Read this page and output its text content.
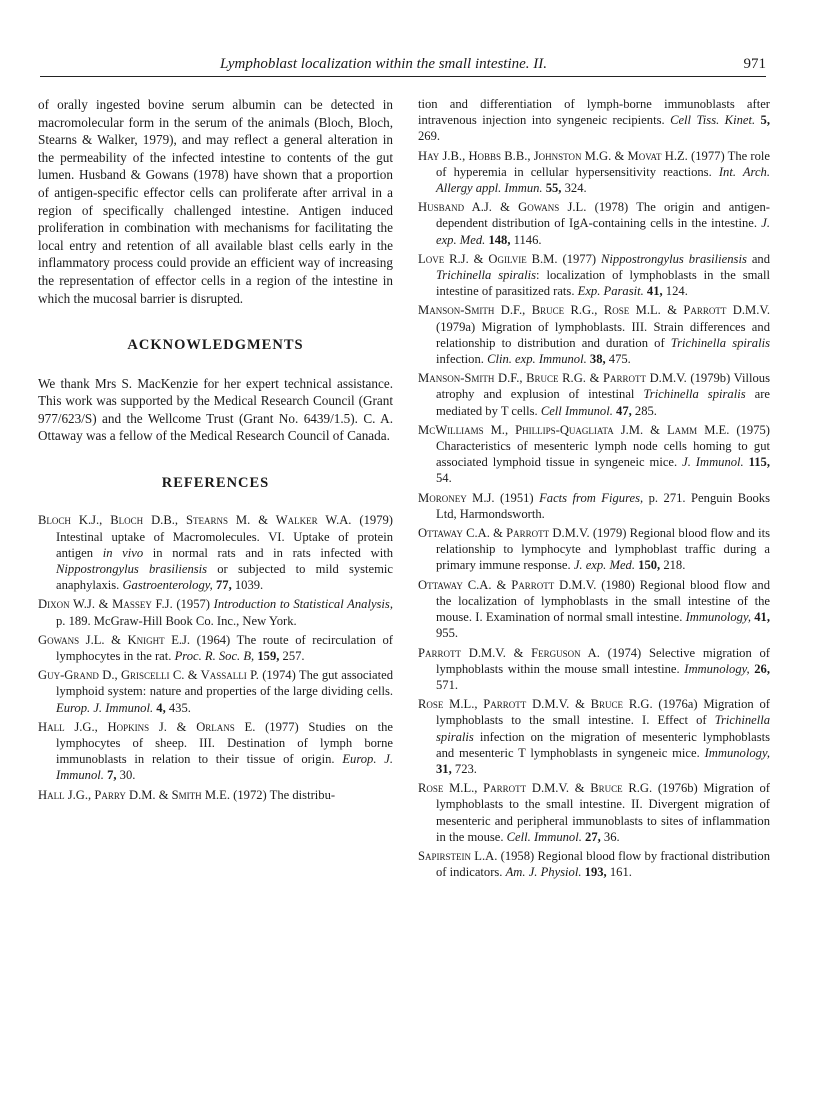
Lymphoblast localization within the small intestine. II.	971

of orally ingested bovine serum albumin can be detected in macromolecular form in the serum of the animals (Bloch, Bloch, Stearns & Walker, 1979), and may reflect a general alteration in the permeability of the infected intestine to contents of the gut lumen. Husband & Gowans (1978) have shown that a proportion of antigen-specific effector cells can proliferate after arrival in a region of specifically challenged intestine. Antigen induced proliferation in combination with mechanisms for facilitating the local entry and retention of all available blast cells early in the inflammatory process could provide an efficient way of increasing the representation of effector cells in a region of the intestine in which the mucosal barrier is disrupted.

ACKNOWLEDGMENTS

We thank Mrs S. MacKenzie for her expert technical assistance. This work was supported by the Medical Research Council (Grant 977/623/S) and the Wellcome Trust (Grant No. 6439/1.5). C. A. Ottaway was a fellow of the Medical Research Council of Canada.

REFERENCES
Bloch K.J., Bloch D.B., Stearns M. & Walker W.A. (1979) Intestinal uptake of Macromolecules. VI. Uptake of protein antigen in vivo in normal rats and in rats infected with Nippostrongylus brasiliensis or subjected to mild systemic anaphylaxis. Gastroenterology, 77, 1039.
Dixon W.J. & Massey F.J. (1957) Introduction to Statistical Analysis, p. 189. McGraw-Hill Book Co. Inc., New York.
Gowans J.L. & Knight E.J. (1964) The route of recirculation of lymphocytes in the rat. Proc. R. Soc. B, 159, 257.
Guy-Grand D., Griscelli C. & Vassalli P. (1974) The gut associated lymphoid system: nature and properties of the large dividing cells. Europ. J. Immunol. 4, 435.
Hall J.G., Hopkins J. & Orlans E. (1977) Studies on the lymphocytes of sheep. III. Destination of lymph borne immunoblasts in relation to their tissue of origin. Europ. J. Immunol. 7, 30.
Hall J.G., Parry D.M. & Smith M.E. (1972) The distribu-
tion and differentiation of lymph-borne immunoblasts after intravenous injection into syngeneic recipients. Cell Tiss. Kinet. 5, 269.
Hay J.B., Hobbs B.B., Johnston M.G. & Movat H.Z. (1977) The role of hyperemia in cellular hypersensitivity reactions. Int. Arch. Allergy appl. Immun. 55, 324.
Husband A.J. & Gowans J.L. (1978) The origin and antigen-dependent distribution of IgA-containing cells in the intestine. J. exp. Med. 148, 1146.
Love R.J. & Ogilvie B.M. (1977) Nippostrongylus brasiliensis and Trichinella spiralis: localization of lymphoblasts in the small intestine of parasitized rats. Exp. Parasit. 41, 124.
Manson-Smith D.F., Bruce R.G., Rose M.L. & Parrott D.M.V. (1979a) Migration of lymphoblasts. III. Strain differences and relationship to distribution and duration of Trichinella spiralis infection. Clin. exp. Immunol. 38, 475.
Manson-Smith D.F., Bruce R.G. & Parrott D.M.V. (1979b) Villous atrophy and explusion of intestinal Trichinella spiralis are mediated by T cells. Cell Immunol. 47, 285.
McWilliams M., Phillips-Quagliata J.M. & Lamm M.E. (1975) Characteristics of mesenteric lymph node cells homing to gut associated lymphoid tissue in syngeneic mice. J. Immunol. 115, 54.
Moroney M.J. (1951) Facts from Figures, p. 271. Penguin Books Ltd, Harmondsworth.
Ottaway C.A. & Parrott D.M.V. (1979) Regional blood flow and its relationship to lymphocyte and lymphoblast traffic during a primary immune response. J. exp. Med. 150, 218.
Ottaway C.A. & Parrott D.M.V. (1980) Regional blood flow and the localization of lymphoblasts in the small intestine of the mouse. I. Examination of normal small intestine. Immunology, 41, 955.
Parrott D.M.V. & Ferguson A. (1974) Selective migration of lymphoblasts within the mouse small intestine. Immunology, 26, 571.
Rose M.L., Parrott D.M.V. & Bruce R.G. (1976a) Migration of lymphoblasts to the small intestine. I. Effect of Trichinella spiralis infection on the migration of mesenteric lymphoblasts and mesenteric T lymphoblasts in syngeneic mice. Immunology, 31, 723.
Rose M.L., Parrott D.M.V. & Bruce R.G. (1976b) Migration of lymphoblasts to the small intestine. II. Divergent migration of mesenteric and peripheral immunoblasts to sites of inflammation in the mouse. Cell. Immunol. 27, 36.
Sapirstein L.A. (1958) Regional blood flow by fractional distribution of indicators. Am. J. Physiol. 193, 161.
